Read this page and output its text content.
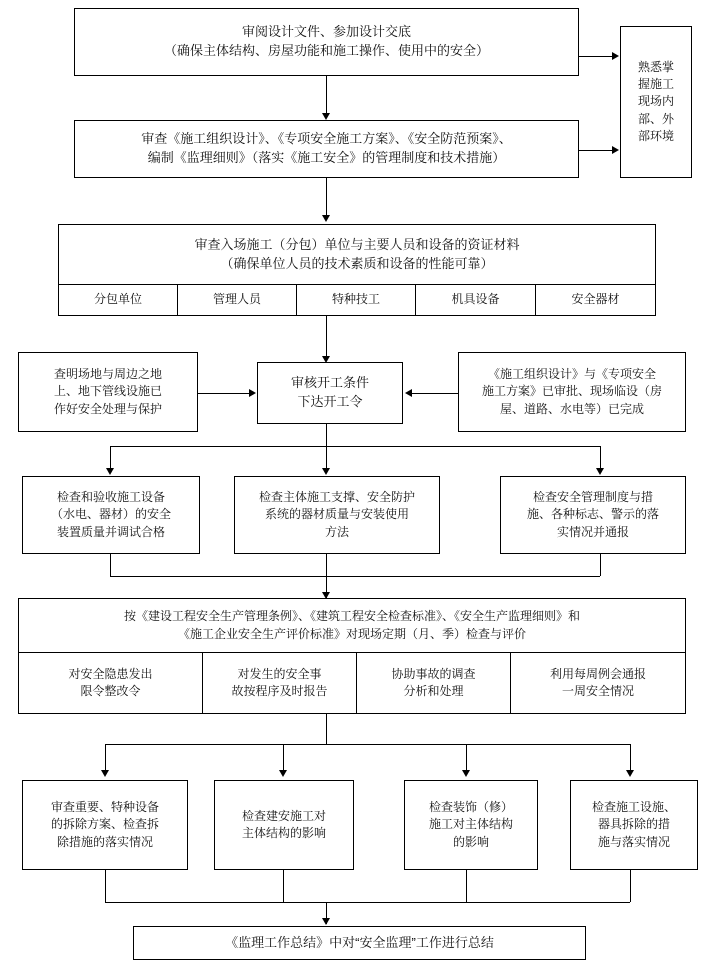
审阅设计文件、参加设计交底
（确保主体结构、房屋功能和施工操作、使用中的安全）
熟悉掌
握施工
现场内
部、外
部环境
审查《施工组织设计》、《专项安全施工方案》、《安全防范预案》、
编制《监理细则》（落实《施工安全》的管理制度和技术措施）
审查入场施工（分包）单位与主要人员和设备的资证材料
（确保单位人员的技术素质和设备的性能可靠）
分包单位	管理人员	特种技工	机具设备	安全器材
查明场地与周边之地
上、地下管线设施已
作好安全处理与保护
审核开工条件
下达开工令
《施工组织设计》与《专项安全
施工方案》已审批、现场临设（房
屋、道路、水电等）已完成
检查和验收施工设备
（水电、器材）的安全
装置质量并调试合格
检查主体施工支撑、安全防护
系统的器材质量与安装使用
方法
检查安全管理制度与措
施、各种标志、警示的落
实情况并通报
按《建设工程安全生产管理条例》、《建筑工程安全检查标准》、《安全生产监理细则》和
《施工企业安全生产评价标准》对现场定期（月、季）检查与评价
对安全隐患发出
限令整改令
对发生的安全事
故按程序及时报告
协助事故的调查
分析和处理
利用每周例会通报
一周安全情况
审查重要、特种设备
的拆除方案、检查拆
除措施的落实情况
检查建安施工对
主体结构的影响
检查装饰（修）
施工对主体结构
的影响
检查施工设施、
器具拆除的措
施与落实情况
《监理工作总结》中对“安全监理”工作进行总结
